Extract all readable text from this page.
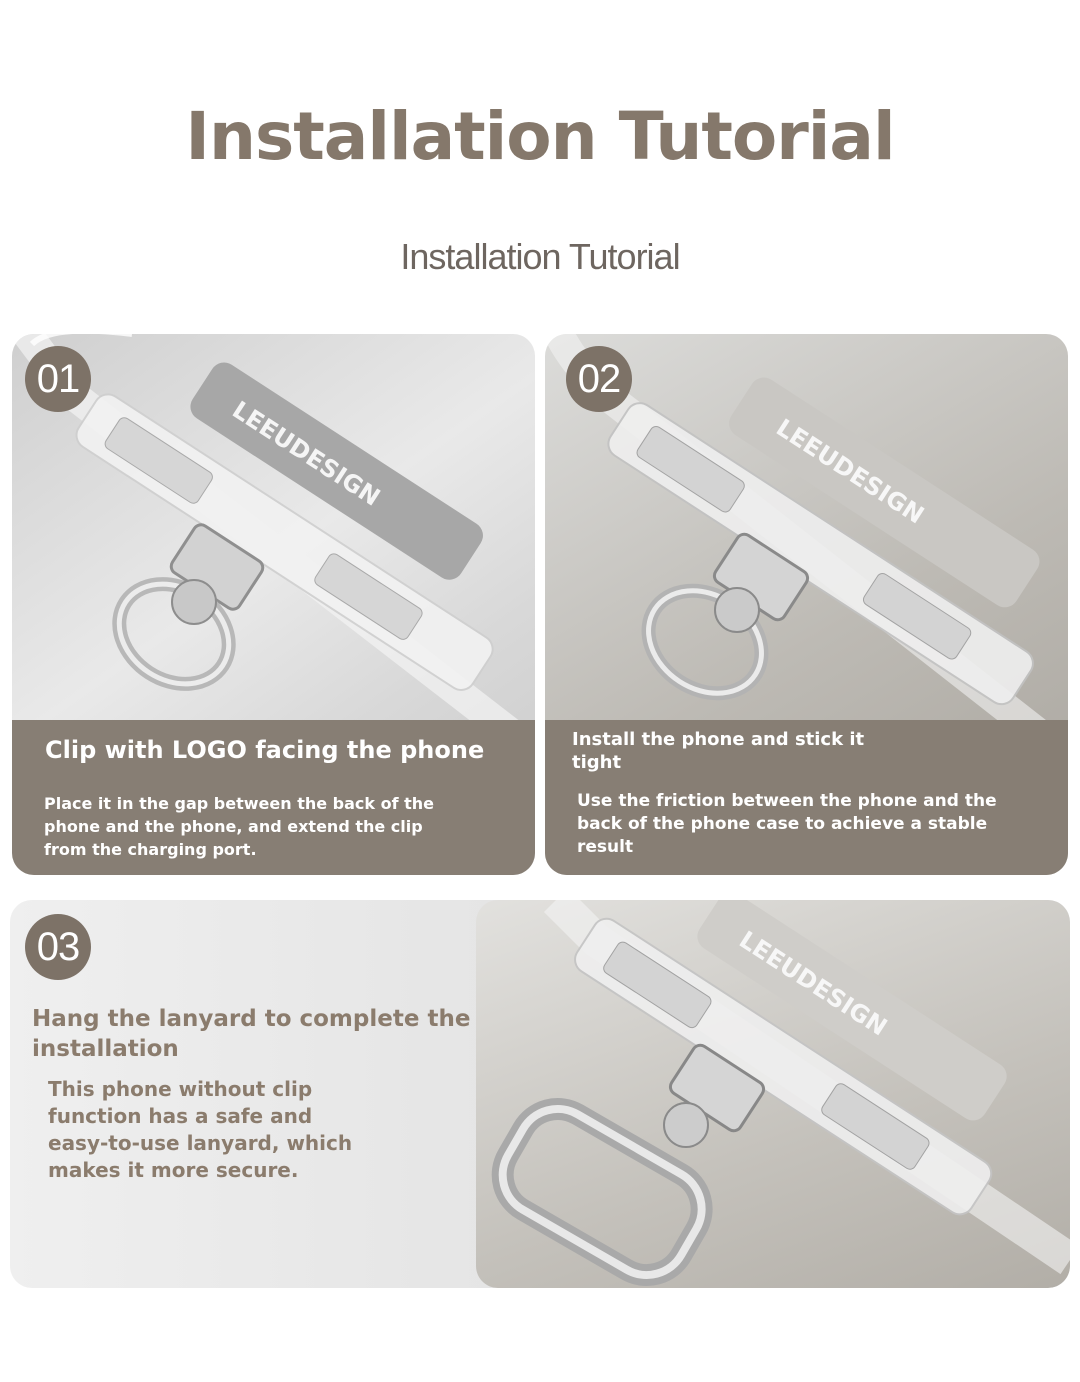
Installation Tutorial
Installation Tutorial
LEEUDESIGN
01
Clip with LOGO facing the phone
Place it in the gap between the back of the phone and the phone, and extend the clip from the charging port.
LEEUDESIGN
02
Install the phone and stick it tight
Use the friction between the phone and the back of the phone case to achieve a stable result
LEEUDESIGN
03
Hang the lanyard to complete the installation
This phone without clip function has a safe and easy-to-use lanyard, which makes it more secure.
